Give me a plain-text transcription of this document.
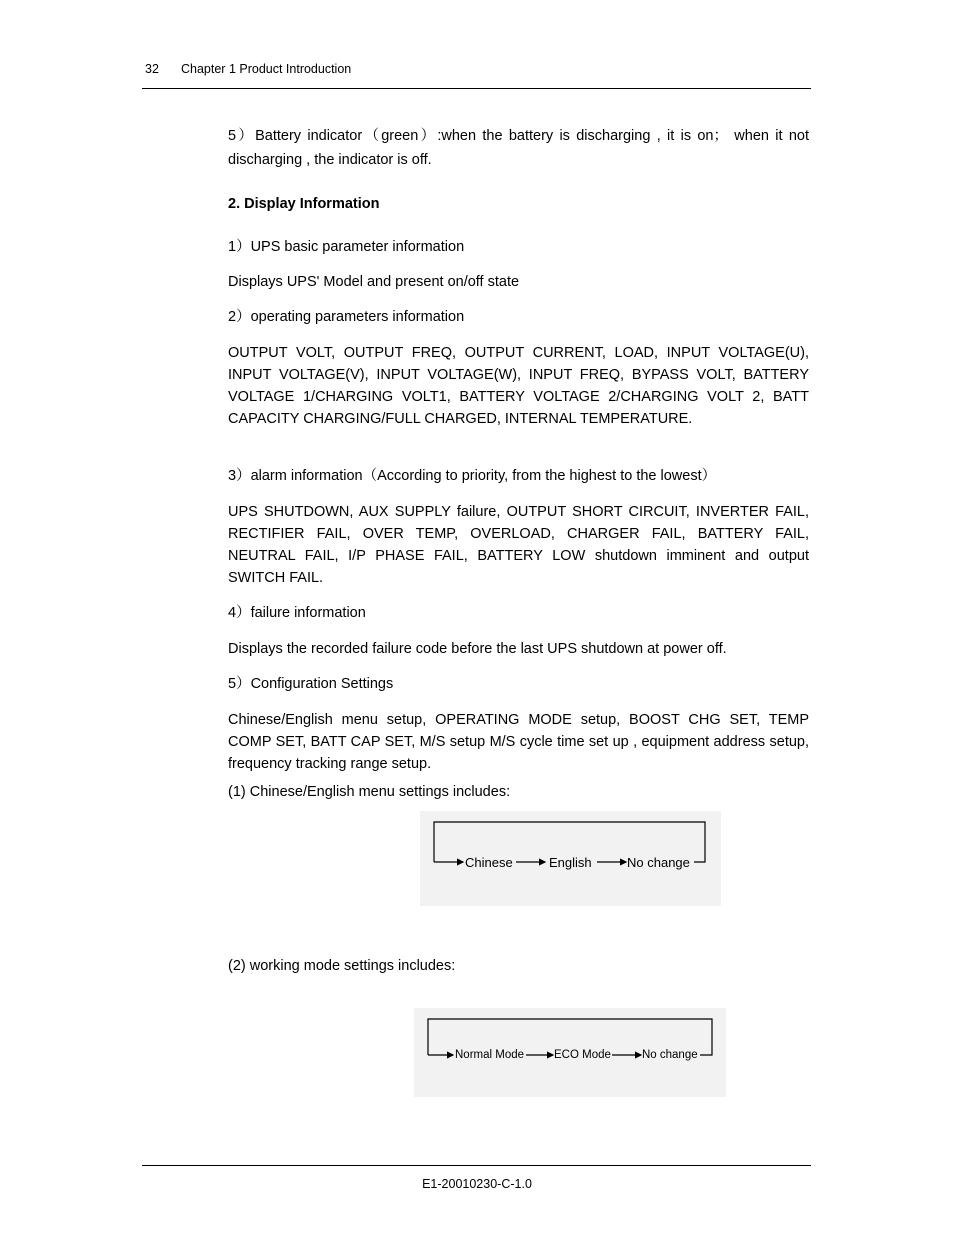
32 Chapter 1 Product Introduction

5）Battery indicator（green）:when the battery is discharging , it is on； when it not discharging , the indicator is off.

2. Display Information
1）UPS basic parameter information
Displays UPS' Model and present on/off state
2）operating parameters information

OUTPUT VOLT, OUTPUT FREQ, OUTPUT CURRENT, LOAD, INPUT VOLTAGE(U), INPUT VOLTAGE(V), INPUT VOLTAGE(W), INPUT FREQ, BYPASS VOLT, BATTERY VOLTAGE 1/CHARGING VOLT1, BATTERY VOLTAGE 2/CHARGING VOLT 2, BATT CAPACITY CHARGING/FULL CHARGED, INTERNAL TEMPERATURE.

3）alarm information（According to priority, from the highest to the lowest）

UPS SHUTDOWN, AUX SUPPLY failure, OUTPUT SHORT CIRCUIT, INVERTER FAIL, RECTIFIER FAIL, OVER TEMP, OVERLOAD, CHARGER FAIL, BATTERY FAIL, NEUTRAL FAIL, I/P PHASE FAIL, BATTERY LOW shutdown imminent and output SWITCH FAIL.

4）failure information
Displays the recorded failure code before the last UPS shutdown at power off.
5）Configuration Settings

Chinese/English menu setup, OPERATING MODE setup, BOOST CHG SET, TEMP COMP SET, BATT CAP SET, M/S setup M/S cycle time set up , equipment address setup, frequency tracking range setup.

(1) Chinese/English menu settings includes:
Chinese	English	No change
(2) working mode settings includes:
Normal Mode	ECO Mode	No change
E1-20010230-C-1.0
